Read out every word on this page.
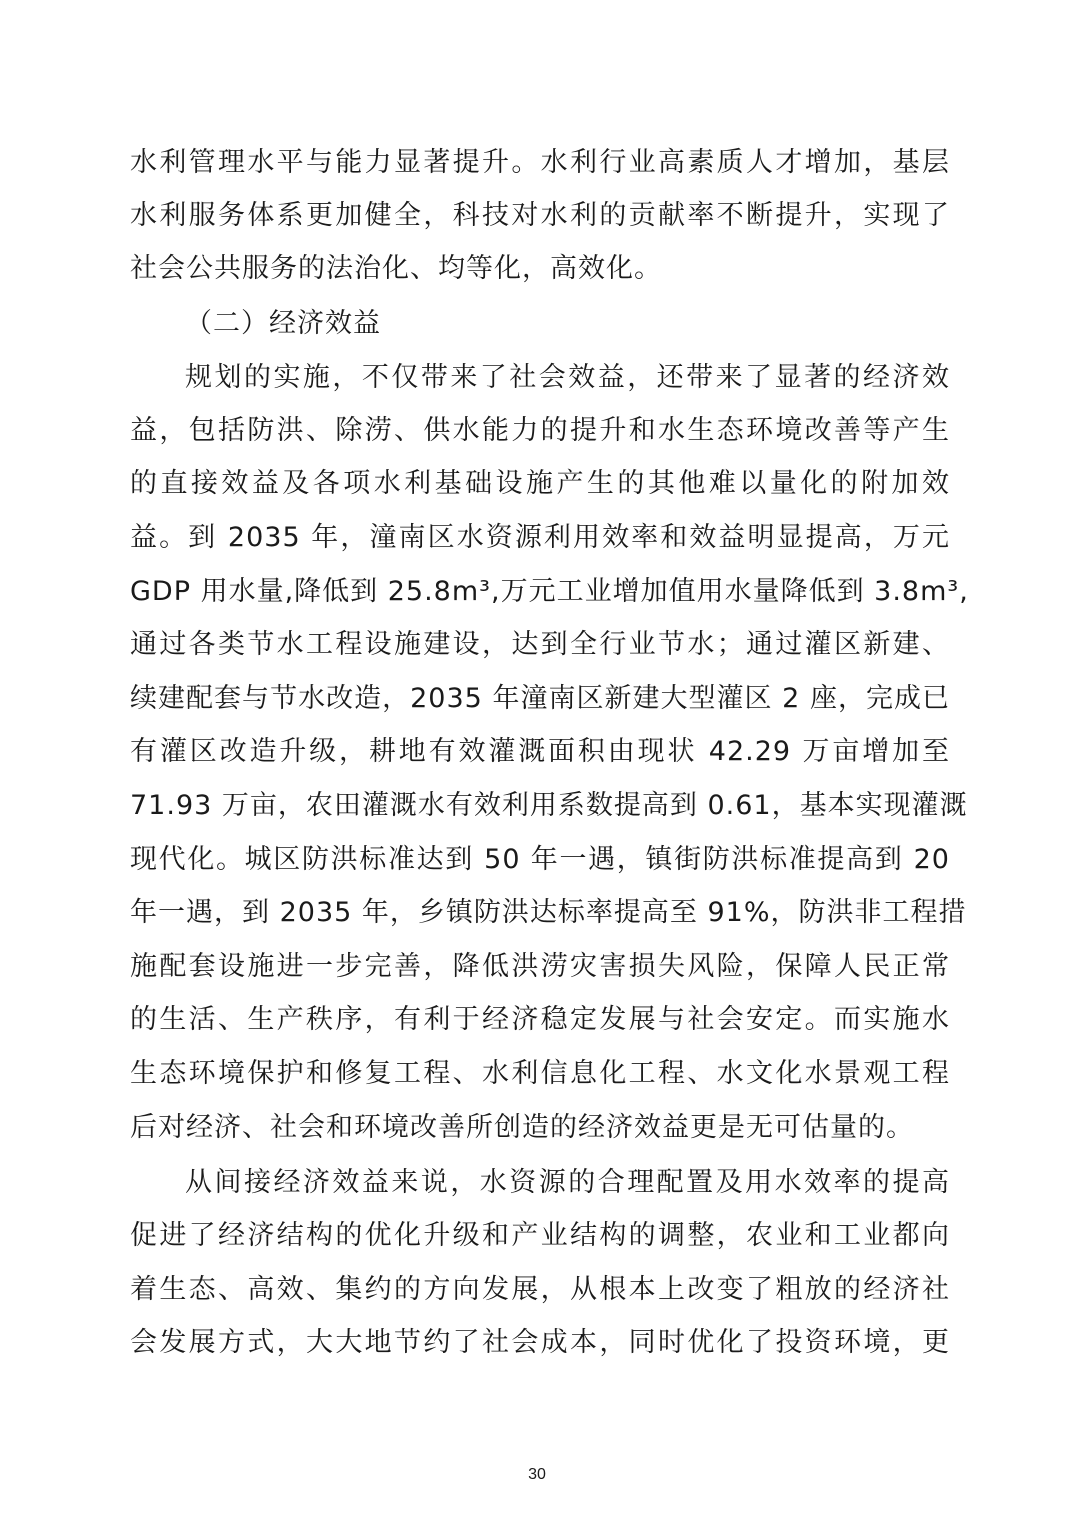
水利管理水平与能力显著提升。水利行业高素质人才增加，基层
水利服务体系更加健全，科技对水利的贡献率不断提升，实现了
社会公共服务的法治化、均等化，高效化。
（二）经济效益
规划的实施，不仅带来了社会效益，还带来了显著的经济效
益，包括防洪、除涝、供水能力的提升和水生态环境改善等产生
的直接效益及各项水利基础设施产生的其他难以量化的附加效
益。到 2035 年，潼南区水资源利用效率和效益明显提高，万元
GDP 用水量,降低到 25.8m³,万元工业增加值用水量降低到 3.8m³,
通过各类节水工程设施建设，达到全行业节水；通过灌区新建、
续建配套与节水改造，2035 年潼南区新建大型灌区 2 座，完成已
有灌区改造升级，耕地有效灌溉面积由现状 42.29 万亩增加至
71.93 万亩，农田灌溉水有效利用系数提高到 0.61，基本实现灌溉
现代化。城区防洪标准达到 50 年一遇，镇街防洪标准提高到 20
年一遇，到 2035 年，乡镇防洪达标率提高至 91%，防洪非工程措
施配套设施进一步完善，降低洪涝灾害损失风险，保障人民正常
的生活、生产秩序，有利于经济稳定发展与社会安定。而实施水
生态环境保护和修复工程、水利信息化工程、水文化水景观工程
后对经济、社会和环境改善所创造的经济效益更是无可估量的。
从间接经济效益来说，水资源的合理配置及用水效率的提高
促进了经济结构的优化升级和产业结构的调整，农业和工业都向
着生态、高效、集约的方向发展，从根本上改变了粗放的经济社
会发展方式，大大地节约了社会成本，同时优化了投资环境，更
30
